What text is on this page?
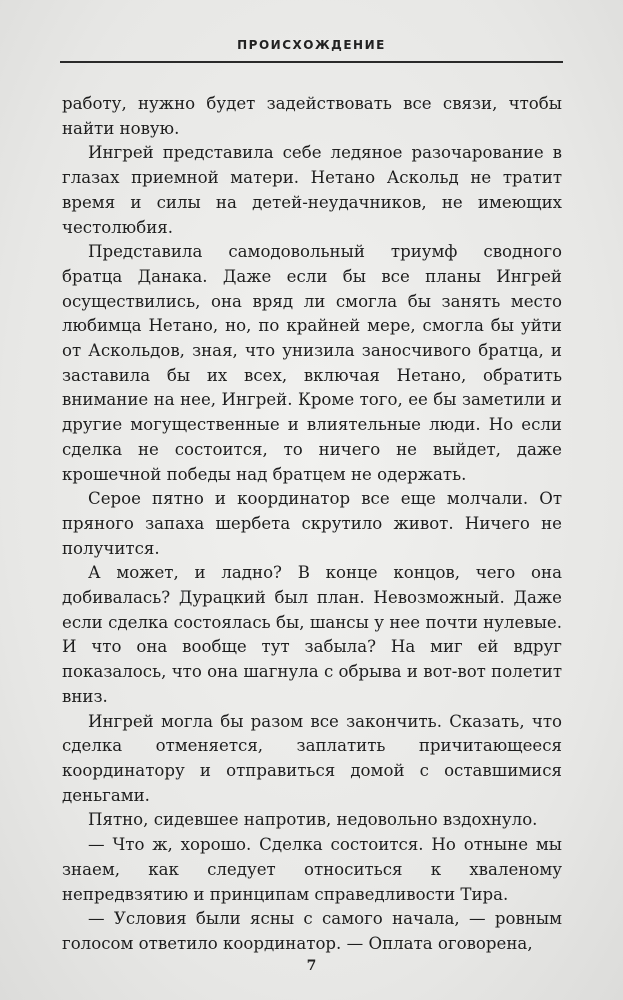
ПРОИСХОЖДЕНИЕ

работу, нужно будет задействовать все связи, чтобы найти новую.

Ингрей представила себе ледяное разочарование в глазах приемной матери. Нетано Аскольд не тратит время и силы на детей-неудачников, не имеющих честолюбия.

Представила самодовольный триумф сводного братца Данака. Даже если бы все планы Ингрей осуществились, она вряд ли смогла бы занять место любимца Нетано, но, по крайней мере, смогла бы уйти от Аскольдов, зная, что унизила заносчивого братца, и заставила бы их всех, включая Нетано, обратить внимание на нее, Ингрей. Кроме того, ее бы заметили и другие могущественные и влиятельные люди. Но если сделка не состоится, то ничего не выйдет, даже крошечной победы над братцем не одержать.

Серое пятно и координатор все еще молчали. От пряного запаха шербета скрутило живот. Ничего не получится.

А может, и ладно? В конце концов, чего она добивалась? Дурацкий был план. Невозможный. Даже если сделка состоялась бы, шансы у нее почти нулевые. И что она вообще тут забыла? На миг ей вдруг показалось, что она шагнула с обрыва и вот-вот полетит вниз.

Ингрей могла бы разом все закончить. Сказать, что сделка отменяется, заплатить причитающееся координатору и отправиться домой с оставшимися деньгами.

Пятно, сидевшее напротив, недовольно вздохнуло.

— Что ж, хорошо. Сделка состоится. Но отныне мы знаем, как следует относиться к хваленому непредвзятию и принципам справедливости Тира.

— Условия были ясны с самого начала, — ровным голосом ответило координатор. — Оплата оговорена,

7
